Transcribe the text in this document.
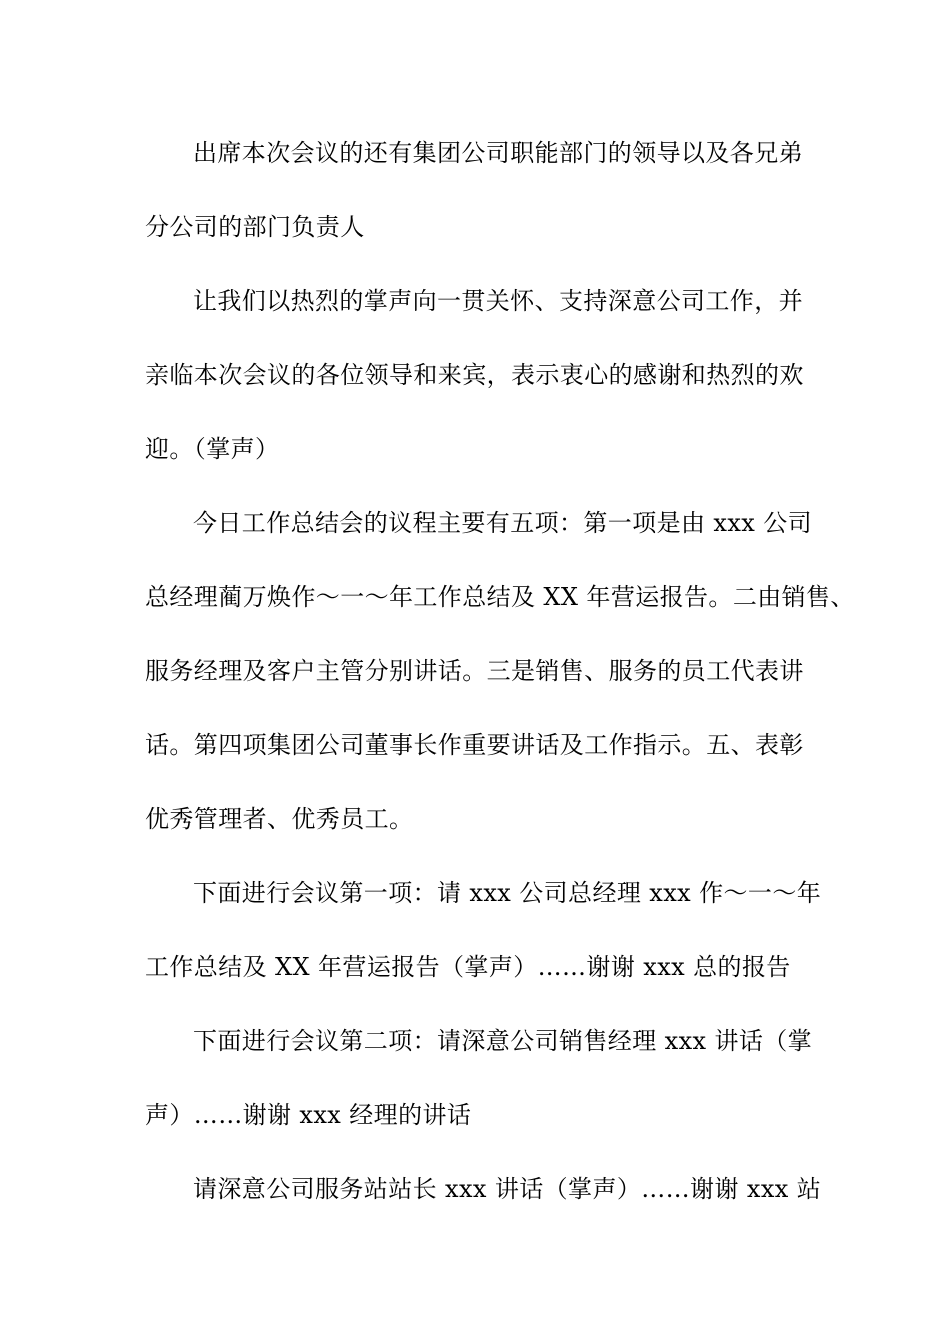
出席本次会议的还有集团公司职能部门的领导以及各兄弟
分公司的部门负责人
让我们以热烈的掌声向一贯关怀、支持深意公司工作，并
亲临本次会议的各位领导和来宾，表示衷心的感谢和热烈的欢
迎。（掌声）
今日工作总结会的议程主要有五项：第一项是由 xxx 公司
总经理蔺万焕作～一～年工作总结及 XX 年营运报告。二由销售、
服务经理及客户主管分别讲话。三是销售、服务的员工代表讲
话。第四项集团公司董事长作重要讲话及工作指示。五、表彰
优秀管理者、优秀员工。
下面进行会议第一项：请 xxx 公司总经理 xxx 作～一～年
工作总结及 XX 年营运报告（掌声）……谢谢 xxx 总的报告
下面进行会议第二项：请深意公司销售经理 xxx 讲话（掌
声）……谢谢 xxx 经理的讲话
请深意公司服务站站长 xxx 讲话（掌声）……谢谢 xxx 站
